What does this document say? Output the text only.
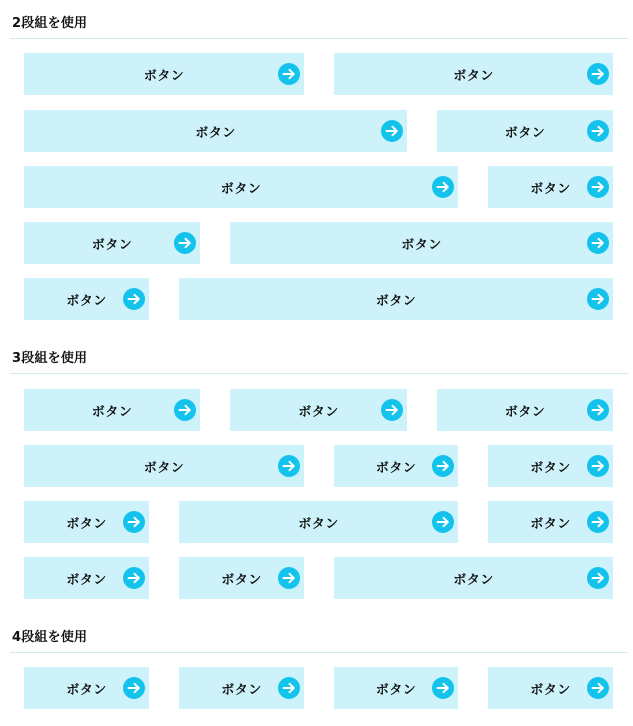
2段組を使用
ボタン	ボタン
ボタン	ボタン
ボタン	ボタン
ボタン	ボタン
ボタン	ボタン
3段組を使用
ボタン	ボタン	ボタン
ボタン	ボタン	ボタン
ボタン	ボタン	ボタン
ボタン	ボタン	ボタン
4段組を使用
ボタン	ボタン	ボタン	ボタン
